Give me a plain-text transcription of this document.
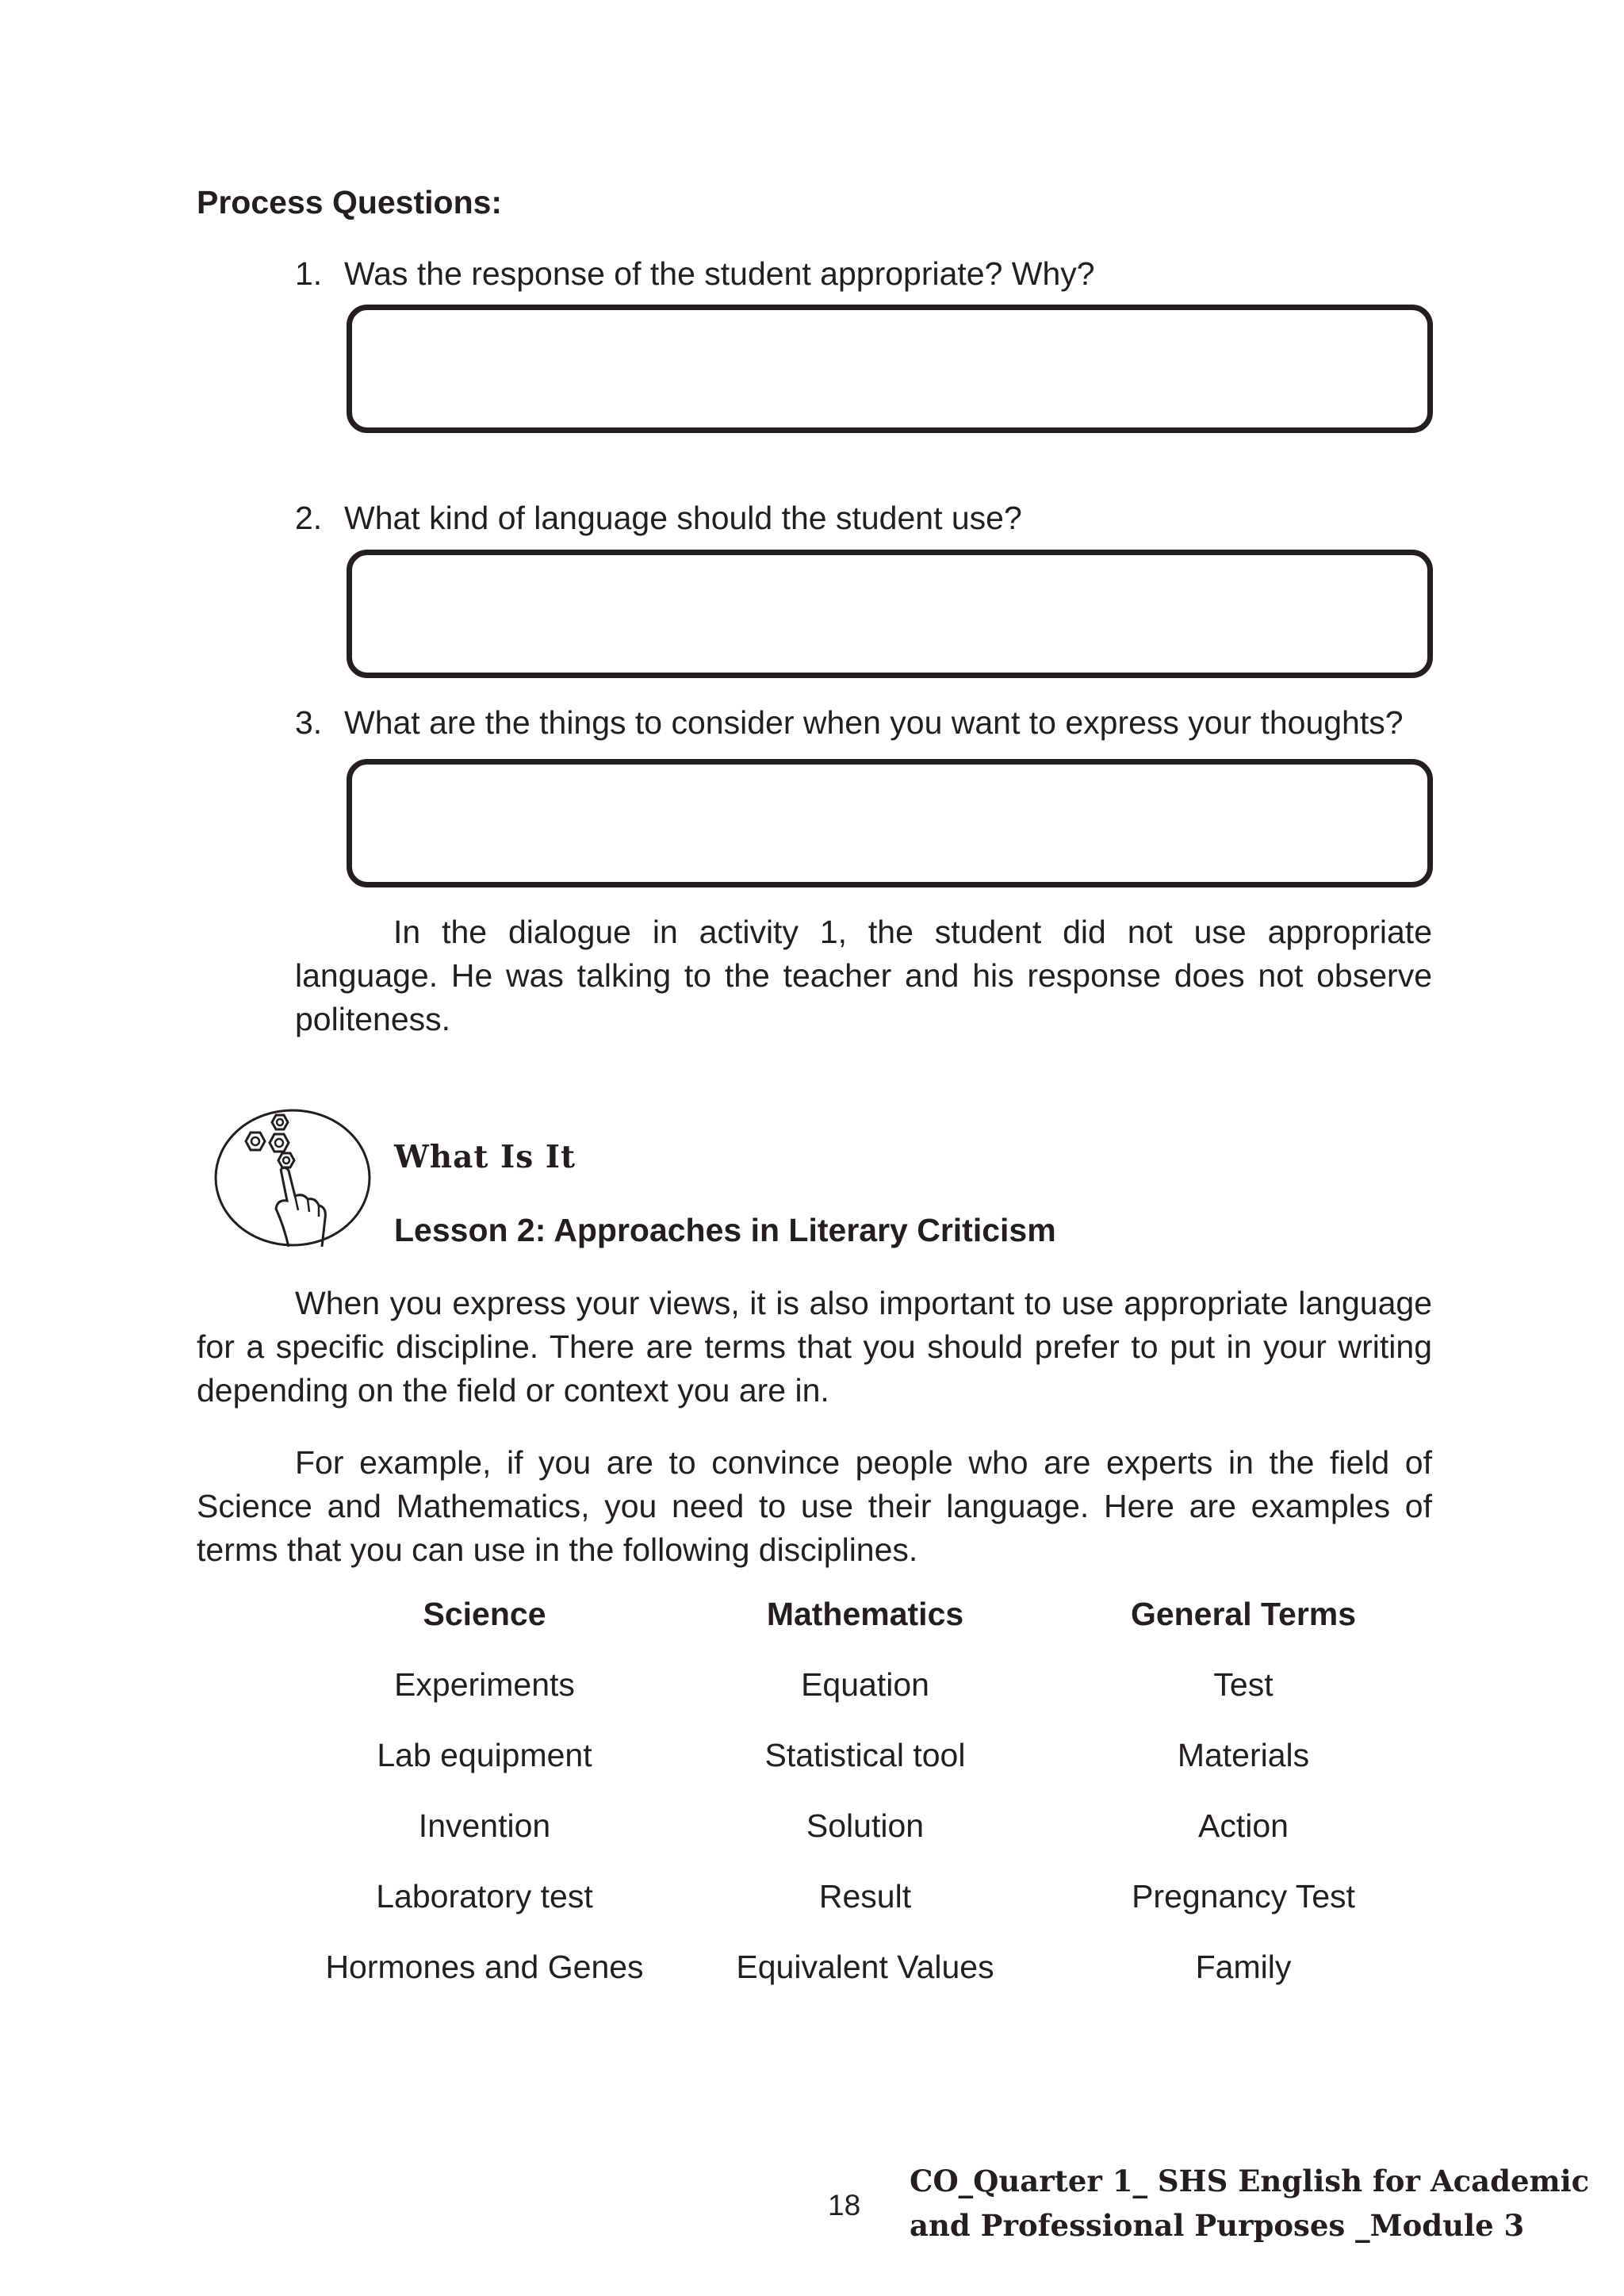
Process Questions:
1. Was the response of the student appropriate? Why?
2. What kind of language should the student use?
3. What are the things to consider when you want to express your thoughts?
In the dialogue in activity 1, the student did not use appropriate language. He was talking to the teacher and his response does not observe politeness.
What Is It
Lesson 2: Approaches in Literary Criticism
When you express your views, it is also important to use appropriate language for a specific discipline. There are terms that you should prefer to put in your writing depending on the field or context you are in.
For example, if you are to convince people who are experts in the field of Science and Mathematics, you need to use their language. Here are examples of terms that you can use in the following disciplines.
Science
Experiments
Lab equipment
Invention
Laboratory test
Hormones and Genes
Mathematics
Equation
Statistical tool
Solution
Result
Equivalent Values
General Terms
Test
Materials
Action
Pregnancy Test
Family
18
CO_Quarter 1_ SHS English for Academic
and Professional Purposes _Module 3
